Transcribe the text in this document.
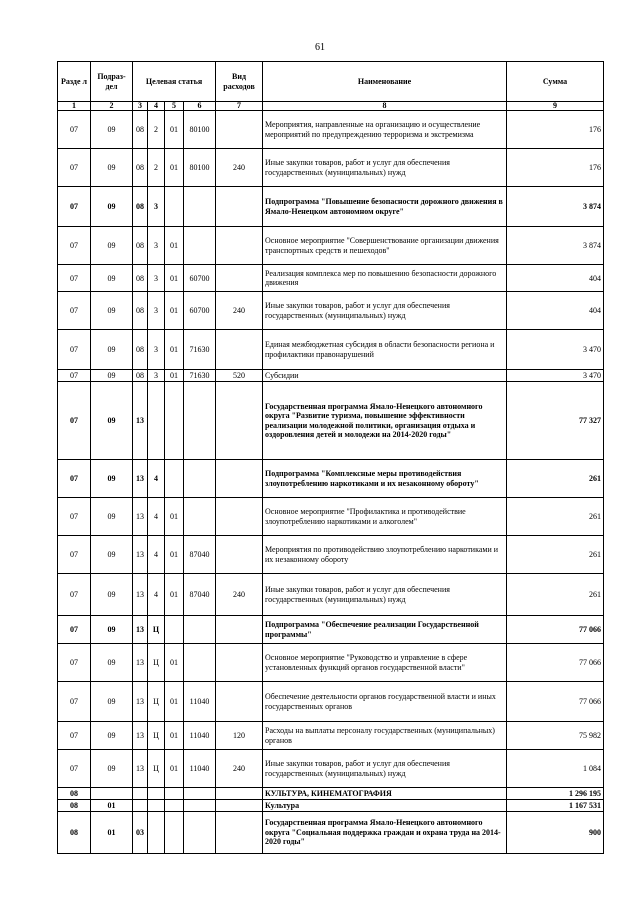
61
Разде л	Подраз- дел	Целевая статья				Вид расходов	Наименование	Сумма
1	2	3	4	5	6	7	8	9
07	09	08	2	01	80100		Мероприятия, направленные на организацию и осуществление мероприятий по предупреждению терроризма и экстремизма	176
07	09	08	2	01	80100	240	Иные закупки товаров, работ и услуг для обеспечения государственных (муниципальных) нужд	176
07	09	08	3				Подпрограмма "Повышение безопасности дорожного движения в Ямало-Ненецком автономном округе"	3 874
07	09	08	3	01			Основное мероприятие "Совершенствование организации движения транспортных средств и пешеходов"	3 874
07	09	08	3	01	60700		Реализация комплекса мер по повышению безопасности дорожного движения	404
07	09	08	3	01	60700	240	Иные закупки товаров, работ и услуг для обеспечения государственных (муниципальных) нужд	404
07	09	08	3	01	71630		Единая межбюджетная субсидия в области безопасности региона и профилактики правонарушений	3 470
07	09	08	3	01	71630	520	Субсидии	3 470
07	09	13					Государственная программа Ямало-Ненецкого автономного округа "Развитие туризма, повышение эффективности реализации молодежной политики, организация отдыха и оздоровления детей и молодежи на 2014-2020 годы"	77 327
07	09	13	4				Подпрограмма "Комплексные меры противодействия злоупотреблению наркотиками и их незаконному обороту"	261
07	09	13	4	01			Основное мероприятие "Профилактика и противодействие злоупотреблению наркотиками и алкоголем"	261
07	09	13	4	01	87040		Мероприятия по противодействию злоупотреблению наркотиками и их незаконному обороту	261
07	09	13	4	01	87040	240	Иные закупки товаров, работ и услуг для обеспечения государственных (муниципальных) нужд	261
07	09	13	Ц				Подпрограмма "Обеспечение реализации Государственной программы"	77 066
07	09	13	Ц	01			Основное мероприятие "Руководство и управление в сфере установленных функций органов государственной власти"	77 066
07	09	13	Ц	01	11040		Обеспечение деятельности органов государственной власти и иных государственных органов	77 066
07	09	13	Ц	01	11040	120	Расходы на выплаты персоналу государственных (муниципальных) органов	75 982
07	09	13	Ц	01	11040	240	Иные закупки товаров, работ и услуг для обеспечения государственных (муниципальных) нужд	1 084
08							КУЛЬТУРА, КИНЕМАТОГРАФИЯ	1 296 195
08	01						Культура	1 167 531
08	01	03					Государственная программа Ямало-Ненецкого автономного округа "Социальная поддержка граждан и охрана труда на 2014-2020 годы"	900
